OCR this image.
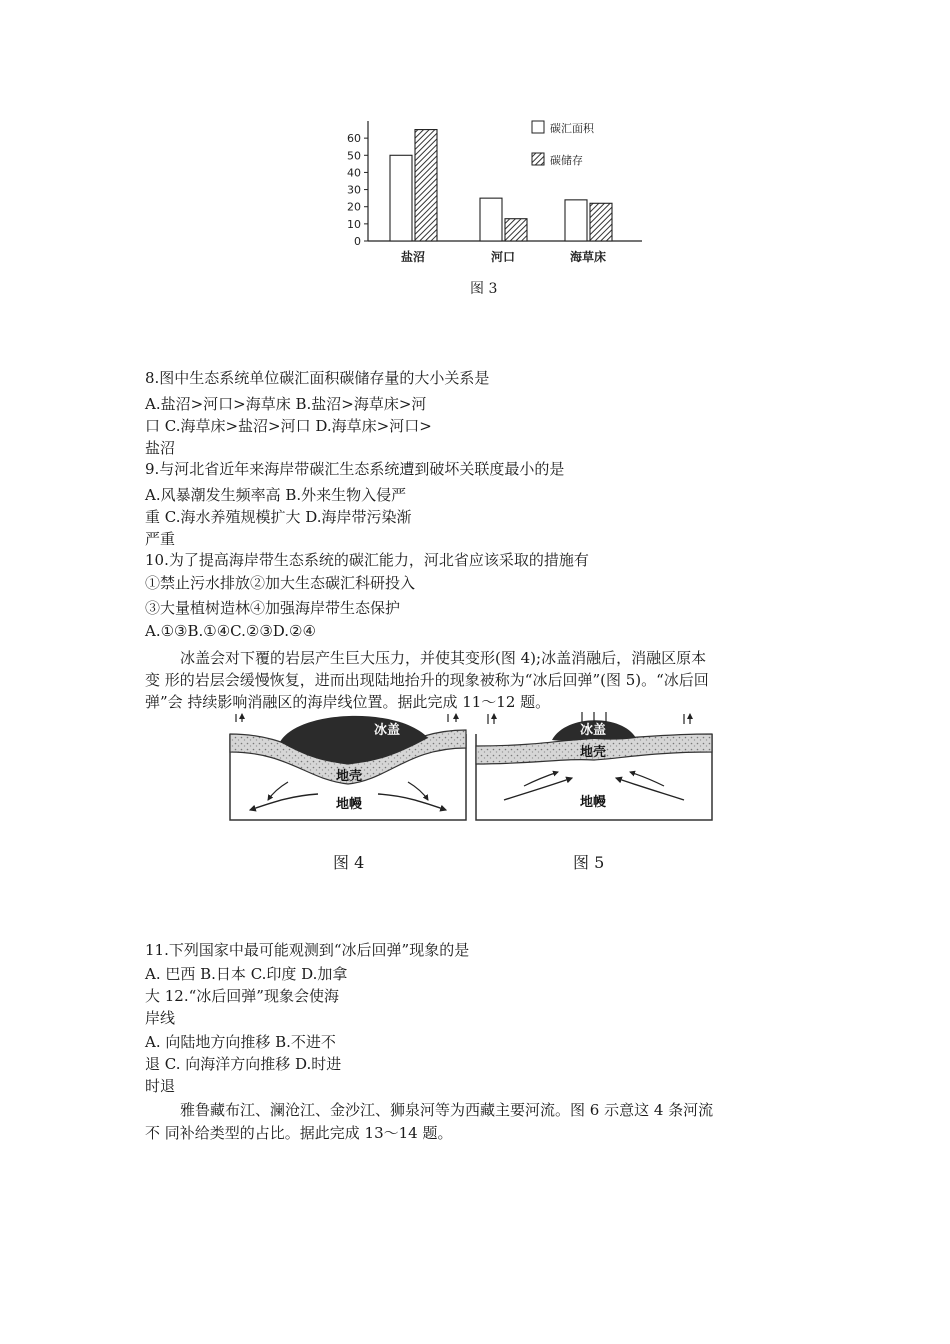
0
10
20
30
40
50
60
碳汇面积
碳储存
盐沼	河口	海草床
图 3
8.图中生态系统单位碳汇面积碳储存量的大小关系是
A.盐沼>河口>海草床 B.盐沼>海草床>河
口 C.海草床>盐沼>河口 D.海草床>河口>
盐沼
9.与河北省近年来海岸带碳汇生态系统遭到破坏关联度最小的是
A.风暴潮发生频率高 B.外来生物入侵严
重 C.海水养殖规模扩大 D.海岸带污染渐
严重
10.为了提高海岸带生态系统的碳汇能力，河北省应该采取的措施有
①禁止污水排放②加大生态碳汇科研投入
③大量植树造林④加强海岸带生态保护
A.①③B.①④C.②③D.②④
冰盖会对下覆的岩层产生巨大压力，并使其变形(图 4);冰盖消融后，消融区原本
变 形的岩层会缓慢恢复，进而出现陆地抬升的现象被称为“冰后回弹”(图 5)。“冰后回
弹”会 持续影响消融区的海岸线位置。据此完成 11～12 题。
冰盖
地壳
地幔
图 4
冰盖
地壳
地幔
图 5
11.下列国家中最可能观测到“冰后回弹”现象的是
A. 巴西 B.日本 C.印度 D.加拿
大 12.“冰后回弹”现象会使海
岸线
A. 向陆地方向推移 B.不进不
退 C. 向海洋方向推移 D.时进
时退
雅鲁藏布江、澜沧江、金沙江、狮泉河等为西藏主要河流。图 6 示意这 4 条河流
不 同补给类型的占比。据此完成 13～14 题。
